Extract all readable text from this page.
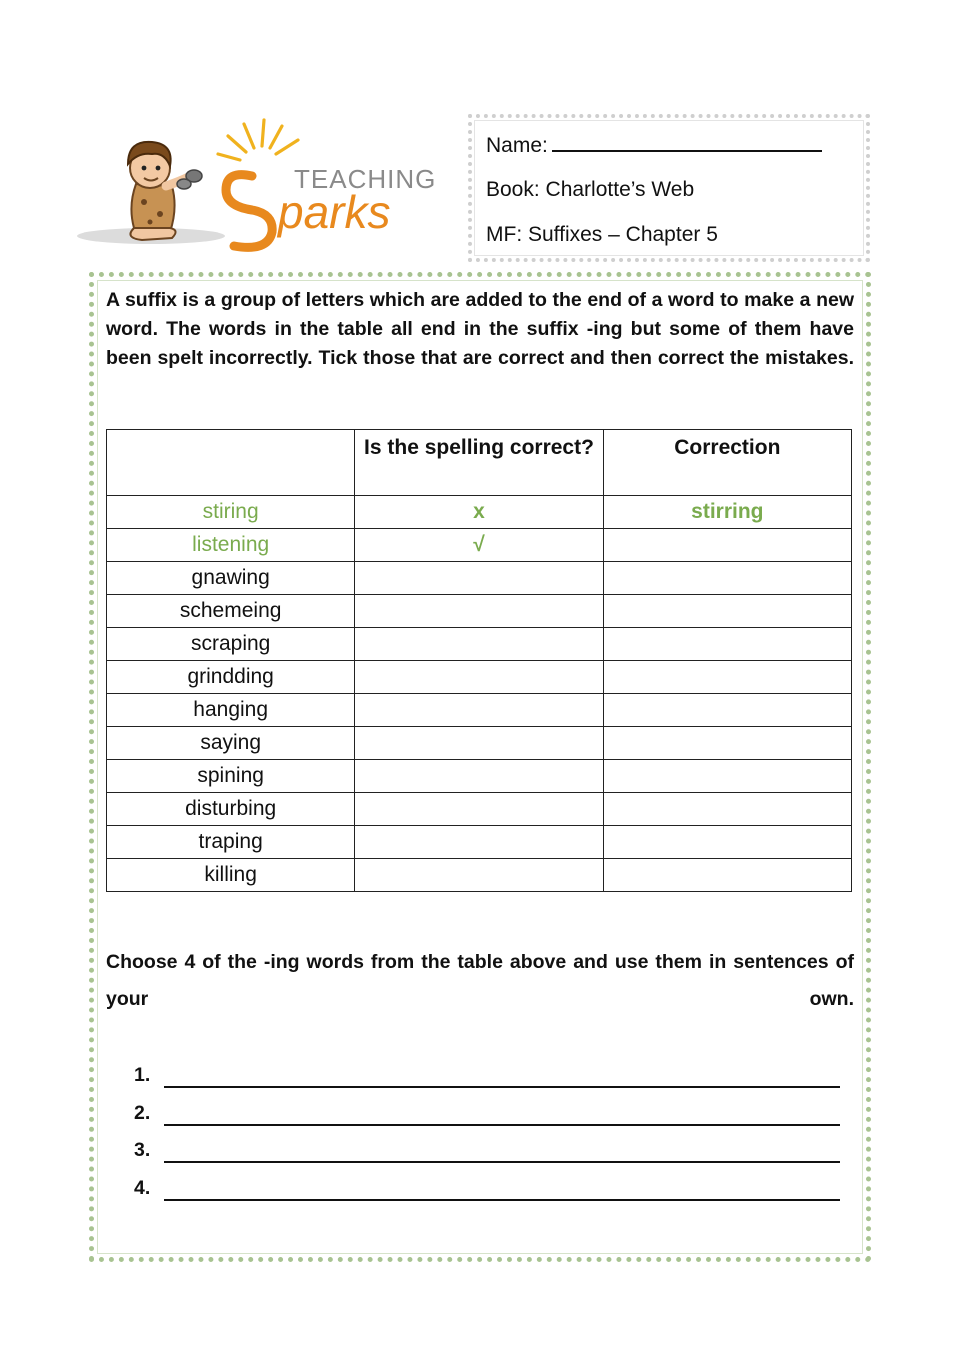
TEACHING
parks
Name:
Book: Charlotte’s Web
MF: Suffixes – Chapter 5
A suffix is a group of letters which are added to the end of a word to make a new word. The words in the table all end in the suffix -ing but some of them have been spelt incorrectly. Tick those that are correct and then correct the mistakes.
	Is the spelling correct?	Correction
stiring	x	stirring
listening	√	
gnawing		
schemeing		
scraping		
grindding		
hanging		
saying		
spining		
disturbing		
traping		
killing		
Choose 4 of the -ing words from the table above and use them in sentences of your own.
1.
2.
3.
4.
